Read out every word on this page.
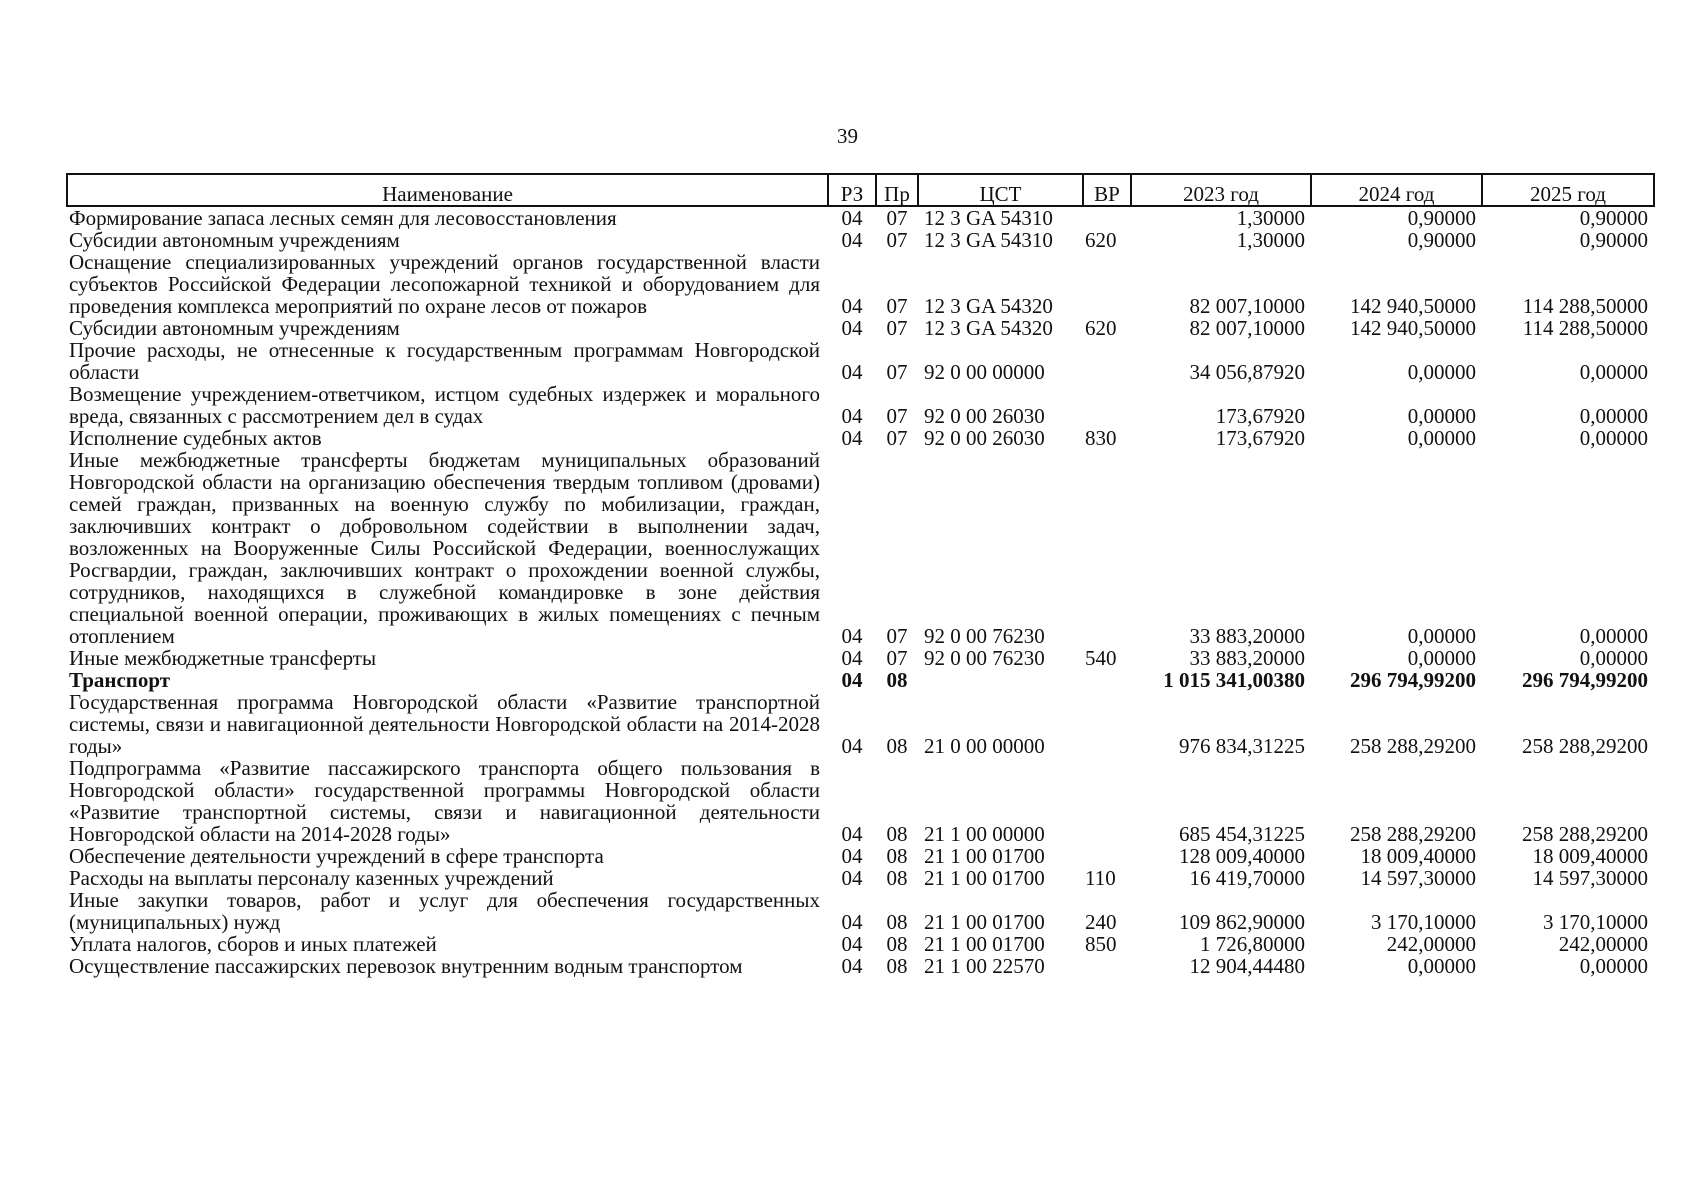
39
Наименование	РЗ	Пр	ЦСТ	ВР	2023 год	2024 год	2025 год
Формирование запаса лесных семян для лесовосстановления	04	07	12 3 GA 54310		1,30000	0,90000	0,90000
Субсидии автономным учреждениям	04	07	12 3 GA 54310	620	1,30000	0,90000	0,90000
Оснащение специализированных учреждений органов государственной власти субъектов Российской Федерации лесопожарной техникой и оборудованием для проведения комплекса мероприятий по охране лесов от пожаров	04	07	12 3 GA 54320		82 007,10000	142 940,50000	114 288,50000
Субсидии автономным учреждениям	04	07	12 3 GA 54320	620	82 007,10000	142 940,50000	114 288,50000
Прочие расходы, не отнесенные к государственным программам Новгородской области	04	07	92 0 00 00000		34 056,87920	0,00000	0,00000
Возмещение учреждением-ответчиком, истцом судебных издержек и морального вреда, связанных с рассмотрением дел в судах	04	07	92 0 00 26030		173,67920	0,00000	0,00000
Исполнение судебных актов	04	07	92 0 00 26030	830	173,67920	0,00000	0,00000
Иные межбюджетные трансферты бюджетам муниципальных образований Новгородской области на организацию обеспечения твердым топливом (дровами) семей граждан, призванных на военную службу по мобилизации, граждан, заключивших контракт о добровольном содействии в выполнении задач, возложенных на Вооруженные Силы Российской Федерации, военнослужащих Росгвардии, граждан, заключивших контракт о прохождении военной службы, сотрудников, находящихся в служебной командировке в зоне действия специальной военной операции, проживающих в жилых помещениях с печным отоплением	04	07	92 0 00 76230		33 883,20000	0,00000	0,00000
Иные межбюджетные трансферты	04	07	92 0 00 76230	540	33 883,20000	0,00000	0,00000
Транспорт	04	08			1 015 341,00380	296 794,99200	296 794,99200
Государственная программа Новгородской области «Развитие транспортной системы, связи и навигационной деятельности Новгородской области на 2014-2028 годы»	04	08	21 0 00 00000		976 834,31225	258 288,29200	258 288,29200
Подпрограмма «Развитие пассажирского транспорта общего пользования в Новгородской области» государственной программы Новгородской области «Развитие транспортной системы, связи и навигационной деятельности Новгородской области на 2014-2028 годы»	04	08	21 1 00 00000		685 454,31225	258 288,29200	258 288,29200
Обеспечение деятельности учреждений в сфере транспорта	04	08	21 1 00 01700		128 009,40000	18 009,40000	18 009,40000
Расходы на выплаты персоналу казенных учреждений	04	08	21 1 00 01700	110	16 419,70000	14 597,30000	14 597,30000
Иные закупки товаров, работ и услуг для обеспечения государственных (муниципальных) нужд	04	08	21 1 00 01700	240	109 862,90000	3 170,10000	3 170,10000
Уплата налогов, сборов и иных платежей	04	08	21 1 00 01700	850	1 726,80000	242,00000	242,00000
Осуществление пассажирских перевозок внутренним водным транспортом	04	08	21 1 00 22570		12 904,44480	0,00000	0,00000
